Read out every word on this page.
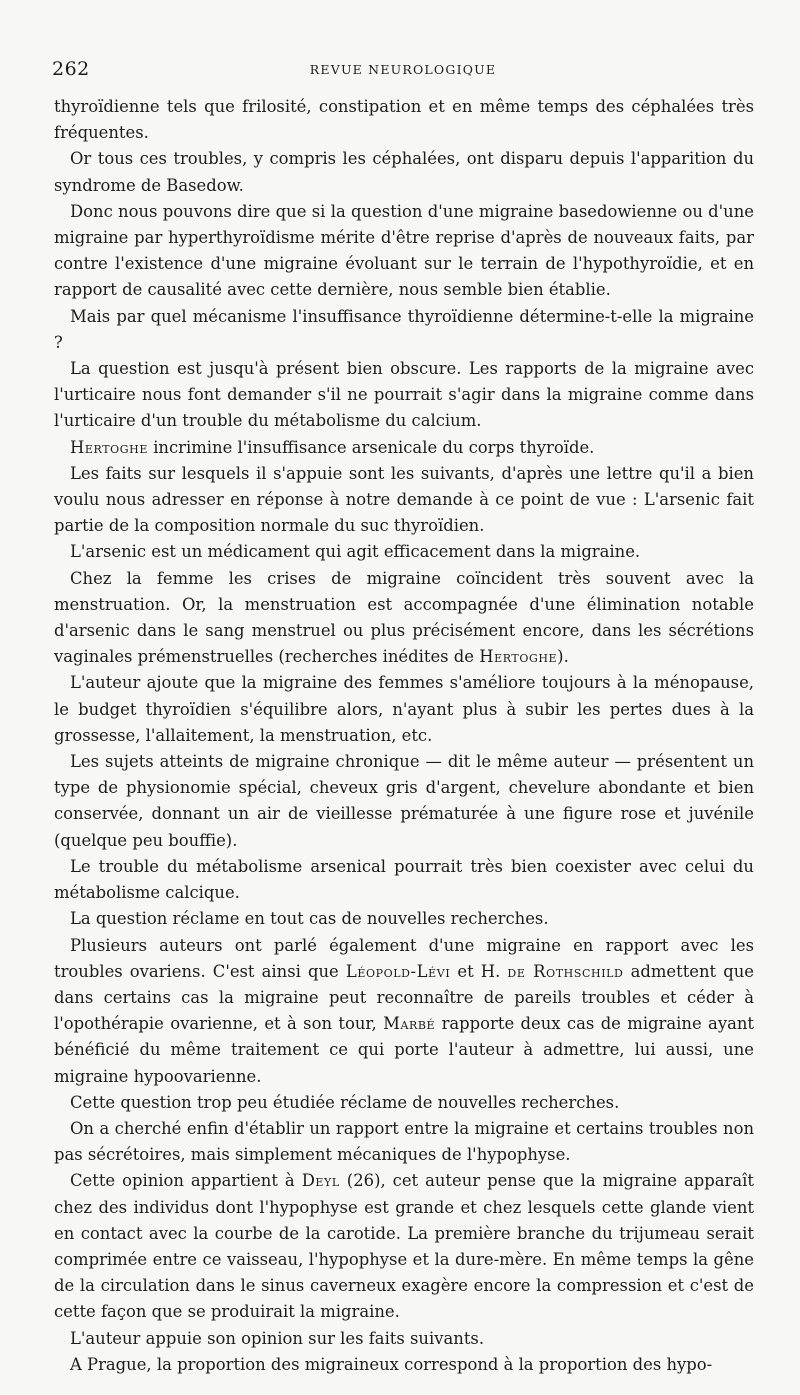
262	REVUE NEUROLOGIQUE

thyroïdienne tels que frilosité, constipation et en même temps des céphalées très fréquentes.

Or tous ces troubles, y compris les céphalées, ont disparu depuis l'apparition du syndrome de Basedow.

Donc nous pouvons dire que si la question d'une migraine basedowienne ou d'une migraine par hyperthyroïdisme mérite d'être reprise d'après de nouveaux faits, par contre l'existence d'une migraine évoluant sur le terrain de l'hypothyroïdie, et en rapport de causalité avec cette dernière, nous semble bien établie.

Mais par quel mécanisme l'insuffisance thyroïdienne détermine-t-elle la migraine ?

La question est jusqu'à présent bien obscure. Les rapports de la migraine avec l'urticaire nous font demander s'il ne pourrait s'agir dans la migraine comme dans l'urticaire d'un trouble du métabolisme du calcium.

Hertoghe incrimine l'insuffisance arsenicale du corps thyroïde.

Les faits sur lesquels il s'appuie sont les suivants, d'après une lettre qu'il a bien voulu nous adresser en réponse à notre demande à ce point de vue : L'arsenic fait partie de la composition normale du suc thyroïdien.

L'arsenic est un médicament qui agit efficacement dans la migraine.

Chez la femme les crises de migraine coïncident très souvent avec la menstruation. Or, la menstruation est accompagnée d'une élimination notable d'arsenic dans le sang menstruel ou plus précisément encore, dans les sécrétions vaginales prémenstruelles (recherches inédites de Hertoghe).

L'auteur ajoute que la migraine des femmes s'améliore toujours à la ménopause, le budget thyroïdien s'équilibre alors, n'ayant plus à subir les pertes dues à la grossesse, l'allaitement, la menstruation, etc.

Les sujets atteints de migraine chronique — dit le même auteur — présentent un type de physionomie spécial, cheveux gris d'argent, chevelure abondante et bien conservée, donnant un air de vieillesse prématurée à une figure rose et juvénile (quelque peu bouffie).

Le trouble du métabolisme arsenical pourrait très bien coexister avec celui du métabolisme calcique.

La question réclame en tout cas de nouvelles recherches.

Plusieurs auteurs ont parlé également d'une migraine en rapport avec les troubles ovariens. C'est ainsi que Léopold-Lévi et H. de Rothschild admettent que dans certains cas la migraine peut reconnaître de pareils troubles et céder à l'opothérapie ovarienne, et à son tour, Marbé rapporte deux cas de migraine ayant bénéficié du même traitement ce qui porte l'auteur à admettre, lui aussi, une migraine hypoovarienne.

Cette question trop peu étudiée réclame de nouvelles recherches.

On a cherché enfin d'établir un rapport entre la migraine et certains troubles non pas sécrétoires, mais simplement mécaniques de l'hypophyse.

Cette opinion appartient à Deyl (26), cet auteur pense que la migraine apparaît chez des individus dont l'hypophyse est grande et chez lesquels cette glande vient en contact avec la courbe de la carotide. La première branche du trijumeau serait comprimée entre ce vaisseau, l'hypophyse et la dure-mère. En même temps la gêne de la circulation dans le sinus caverneux exagère encore la compression et c'est de cette façon que se produirait la migraine.

L'auteur appuie son opinion sur les faits suivants.

A Prague, la proportion des migraineux correspond à la proportion des hypo-
